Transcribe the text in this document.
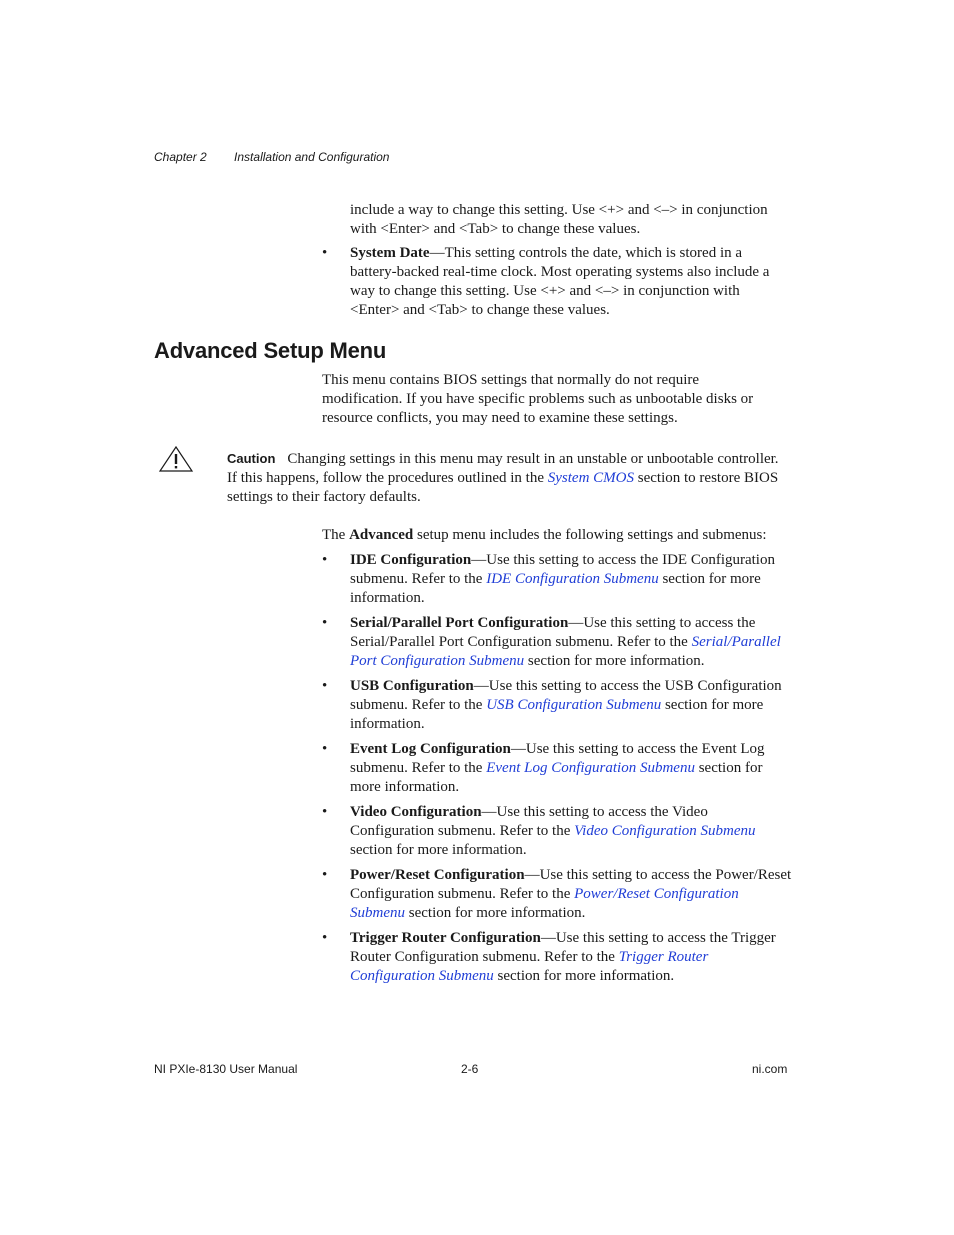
Chapter 2 Installation and Configuration
include a way to change this setting. Use <+> and <–> in conjunction with <Enter> and <Tab> to change these values.
• System Date—This setting controls the date, which is stored in a battery-backed real-time clock. Most operating systems also include a way to change this setting. Use <+> and <–> in conjunction with <Enter> and <Tab> to change these values.
Advanced Setup Menu
This menu contains BIOS settings that normally do not require modification. If you have specific problems such as unbootable disks or resource conflicts, you may need to examine these settings.
Caution Changing settings in this menu may result in an unstable or unbootable controller. If this happens, follow the procedures outlined in the System CMOS section to restore BIOS settings to their factory defaults.
The Advanced setup menu includes the following settings and submenus:
• IDE Configuration—Use this setting to access the IDE Configuration submenu. Refer to the IDE Configuration Submenu section for more information.
• Serial/Parallel Port Configuration—Use this setting to access the Serial/Parallel Port Configuration submenu. Refer to the Serial/Parallel Port Configuration Submenu section for more information.
• USB Configuration—Use this setting to access the USB Configuration submenu. Refer to the USB Configuration Submenu section for more information.
• Event Log Configuration—Use this setting to access the Event Log submenu. Refer to the Event Log Configuration Submenu section for more information.
• Video Configuration—Use this setting to access the Video Configuration submenu. Refer to the Video Configuration Submenu section for more information.
• Power/Reset Configuration—Use this setting to access the Power/Reset Configuration submenu. Refer to the Power/Reset Configuration Submenu section for more information.
• Trigger Router Configuration—Use this setting to access the Trigger Router Configuration submenu. Refer to the Trigger Router Configuration Submenu section for more information.
NI PXIe-8130 User Manual	2-6	ni.com
